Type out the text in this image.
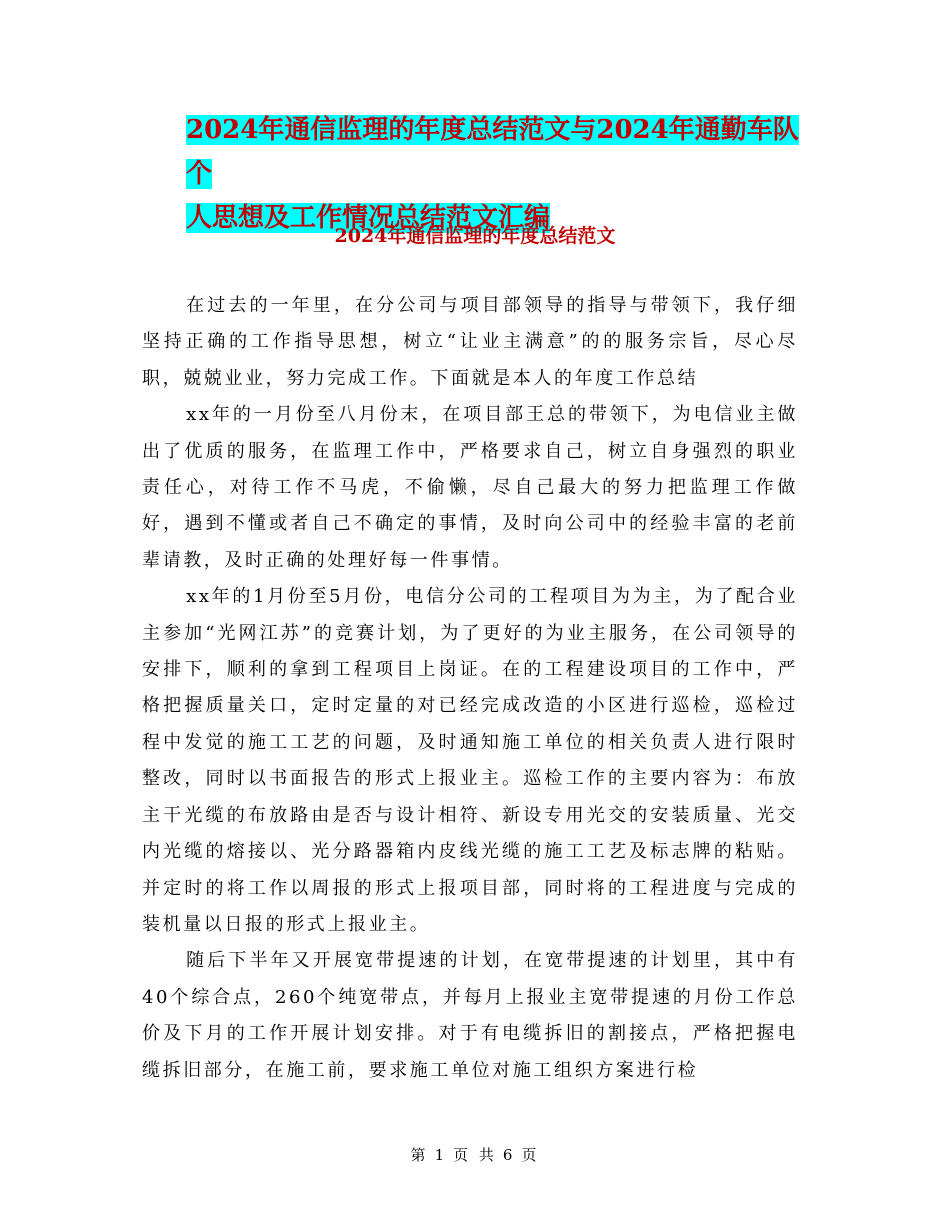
2024年通信监理的年度总结范文与2024年通勤车队个
人思想及工作情况总结范文汇编
2024年通信监理的年度总结范文

在过去的一年里，在分公司与项目部领导的指导与带领下，我仔细坚持正确的工作指导思想，树立“让业主满意”的的服务宗旨，尽心尽职，兢兢业业，努力完成工作。下面就是本人的年度工作总结

xx年的一月份至八月份末，在项目部王总的带领下，为电信业主做出了优质的服务，在监理工作中，严格要求自己，树立自身强烈的职业责任心，对待工作不马虎，不偷懒，尽自己最大的努力把监理工作做好，遇到不懂或者自己不确定的事情，及时向公司中的经验丰富的老前辈请教，及时正确的处理好每一件事情。

xx年的1月份至5月份，电信分公司的工程项目为为主，为了配合业主参加“光网江苏”的竞赛计划，为了更好的为业主服务，在公司领导的安排下，顺利的拿到工程项目上岗证。在的工程建设项目的工作中，严格把握质量关口，定时定量的对已经完成改造的小区进行巡检，巡检过程中发觉的施工工艺的问题，及时通知施工单位的相关负责人进行限时整改，同时以书面报告的形式上报业主。巡检工作的主要内容为：布放主干光缆的布放路由是否与设计相符、新设专用光交的安装质量、光交内光缆的熔接以、光分路器箱内皮线光缆的施工工艺及标志牌的粘贴。并定时的将工作以周报的形式上报项目部，同时将的工程进度与完成的装机量以日报的形式上报业主。

随后下半年又开展宽带提速的计划，在宽带提速的计划里，其中有40个综合点，260个纯宽带点，并每月上报业主宽带提速的月份工作总价及下月的工作开展计划安排。对于有电缆拆旧的割接点，严格把握电缆拆旧部分，在施工前，要求施工单位对施工组织方案进行检

第 1 页 共 6 页
